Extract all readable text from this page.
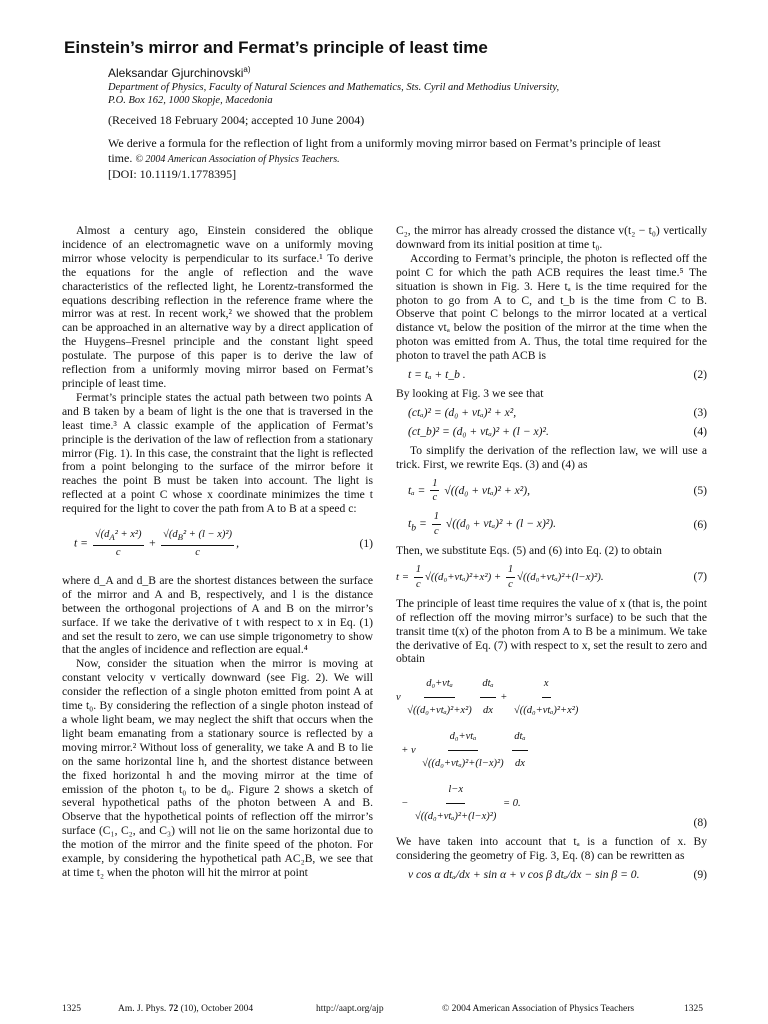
Einstein’s mirror and Fermat’s principle of least time
Aleksandar Gjurchinovski$^{a)}$
Department of Physics, Faculty of Natural Sciences and Mathematics, Sts. Cyril and Methodius University,
P.O. Box 162, 1000 Skopje, Macedonia
(Received 18 February 2004; accepted 10 June 2004)
We derive a formula for the reflection of light from a uniformly moving mirror based on Fermat’s principle of least time. © 2004 American Association of Physics Teachers.
[DOI: 10.1119/1.1778395]

Almost a century ago, Einstein considered the oblique incidence of an electromagnetic wave on a uniformly moving mirror whose velocity is perpendicular to its surface.¹ To derive the equations for the angle of reflection and the wave characteristics of the reflected light, he Lorentz-transformed the equations describing reflection in the reference frame where the mirror was at rest. In recent work,² we showed that the problem can be approached in an alternative way by a direct application of the Huygens–Fresnel principle and the constant light speed postulate. The purpose of this paper is to derive the law of reflection from a uniformly moving mirror based on Fermat’s principle of least time.

Fermat’s principle states the actual path between two points A and B taken by a beam of light is the one that is traversed in the least time.³ A classic example of the application of Fermat’s principle is the derivation of the law of reflection from a stationary mirror (Fig. 1). In this case, the constraint that the light is reflected from a point belonging to the surface of the mirror before it reaches the point B must be taken into account. The light is reflected at a point C whose x coordinate minimizes the time t required for the light to cover the path from A to B at a speed c:

$t = \frac{√(d_A^2 + x^2)}{c} + \frac{√(d_B^2 + (l - x)^2)}{c}$ ,	(1)

where d_A and d_B are the shortest distances between the surface of the mirror and A and B, respectively, and l is the distance between the orthogonal projections of A and B on the mirror’s surface. If we take the derivative of t with respect to x in Eq. (1) and set the result to zero, we can use simple trigonometry to show that the angles of incidence and reflection are equal.⁴

Now, consider the situation when the mirror is moving at constant velocity v vertically downward (see Fig. 2). We will consider the reflection of a single photon emitted from point A at time t₀. By considering the reflection of a single photon instead of a whole light beam, we may neglect the shift that occurs when the light beam emanating from a stationary source is reflected by a moving mirror.² Without loss of generality, we take A and B to lie on the same horizontal line h, and the shortest distance between the fixed horizontal h and the moving mirror at the time of emission of the photon t₀ to be d₀. Figure 2 shows a sketch of several hypothetical paths of the photon between A and B. Observe that the hypothetical points of reflection off the mirror’s surface (C₁, C₂, and C₃) will not lie on the same horizontal due to the motion of the mirror and the finite speed of the photon. For example, by considering the hypothetical path AC₂B, we see that at time t₂ when the photon will hit the mirror at point

C₂, the mirror has already crossed the distance v(t₂ − t₀) vertically downward from its initial position at time t₀.

According to Fermat’s principle, the photon is reflected off the point C for which the path ACB requires the least time.⁵ The situation is shown in Fig. 3. Here tₐ is the time required for the photon to go from A to C, and t_b is the time from C to B. Observe that point C belongs to the mirror located at a vertical distance vtₐ below the position of the mirror at the time when the photon was emitted from A. Thus, the total time required for the photon to travel the path ACB is

t = tₐ + t_b .	(2)

By looking at Fig. 3 we see that

(ctₐ)² = (d₀ + vtₐ)² + x²,	(3)
(ct_b)² = (d₀ + vtₐ)² + (l − x)².	(4)

To simplify the derivation of the reflection law, we will use a trick. First, we rewrite Eqs. (3) and (4) as

$t_a = \frac{1}{c} √((d_0 + vt_a)^2 + x^2)$,	(5)
$t_b = \frac{1}{c} √((d_0 + vt_a)^2 + (l - x)^2)$.	(6)

Then, we substitute Eqs. (5) and (6) into Eq. (2) to obtain

$t = \frac{1}{c} √((d_0+vt_a)^2+x^2) + \frac{1}{c} √((d_0+vt_a)^2+(l-x)^2)$.	(7)

The principle of least time requires the value of x (that is, the point of reflection off the moving mirror’s surface) to be such that the transit time t(x) of the photon from A to B be a minimum. We take the derivative of Eq. (7) with respect to x, set the result to zero and obtain

v $\frac{\text{d₀+vtₐ}}{\text{√((d₀+vtₐ)²+x²)}}$
$\frac{\text{dtₐ}}{dx} + \frac{x}{\text{√((d₀+vtₐ)²+x²)}}$

+ v $\frac{\text{d₀+vtₐ}}{\text{√((d₀+vtₐ)²+(l−x)²)}}$
$\frac{\text{dtₐ}}{dx}$

− $\frac{l-x}{\text{√((d₀+vtₐ)²+(l−x)²)}} = 0$.
(8)

We have taken into account that tₐ is a function of x. By considering the geometry of Fig. 3, Eq. (8) can be rewritten as

v cos α dtₐ/dx + sin α + v cos β dtₐ/dx − sin β = 0.	(9)
1325	Am. J. Phys. 72 (10), October 2004	http://aapt.org/ajp	© 2004 American Association of Physics Teachers	1325
